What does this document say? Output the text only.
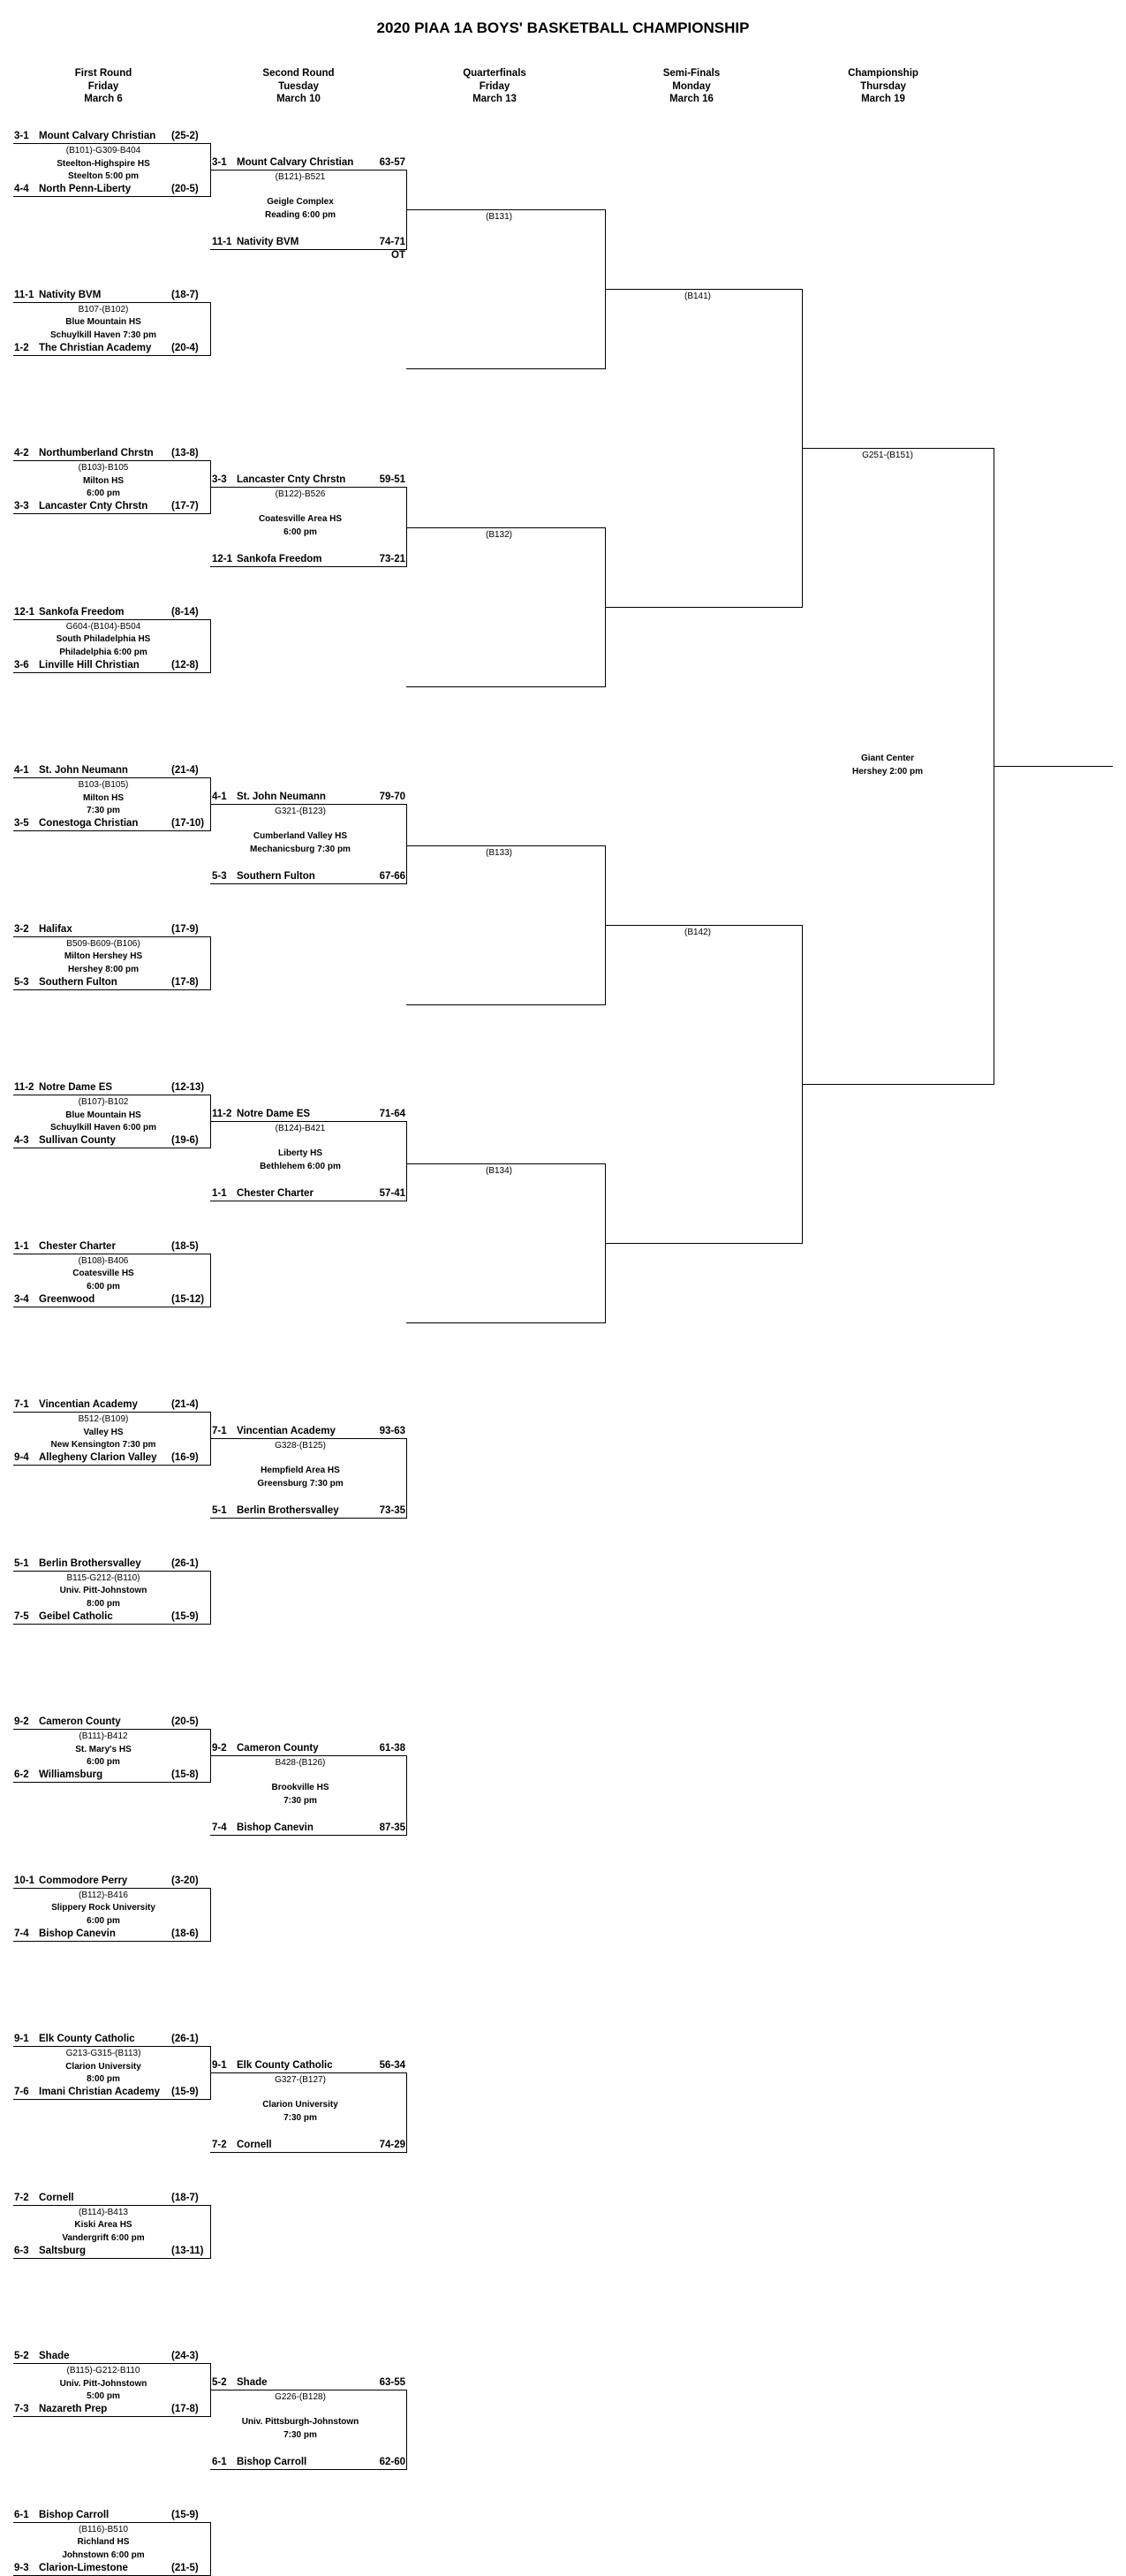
2020 PIAA 1A BOYS' BASKETBALL CHAMPIONSHIP
First Round
Friday
March 6
Second Round
Tuesday
March 10
Quarterfinals
Friday
March 13
Semi-Finals
Monday
March 16
Championship
Thursday
March 19
3-1 Mount Calvary Christian (25-2)
4-4 North Penn-Liberty	(20-5)
(B101)-G309-B404
Steelton-Highspire HS
Steelton 5:00 pm
11-1 Nativity BVM	(18-7)
1-2 The Christian Academy (20-4)
B107-(B102)
Blue Mountain HS
Schuylkill Haven 7:30 pm
4-2 Northumberland Chrstn (13-8)
3-3 Lancaster Cnty Chrstn (17-7)
(B103)-B105
Milton HS
6:00 pm
12-1 Sankofa Freedom	(8-14)
3-6 Linville Hill Christian	(12-8)
G604-(B104)-B504
South Philadelphia HS
Philadelphia 6:00 pm
4-1 St. John Neumann	(21-4)
3-5 Conestoga Christian	(17-10)
B103-(B105)
Milton HS
7:30 pm
3-2 Halifax	(17-9)
5-3 Southern Fulton	(17-8)
B509-B609-(B106)
Milton Hershey HS
Hershey 8:00 pm
11-2 Notre Dame ES	(12-13)
4-3 Sullivan County	(19-6)
(B107)-B102
Blue Mountain HS
Schuylkill Haven 6:00 pm
1-1 Chester Charter	(18-5)
3-4 Greenwood	(15-12)
(B108)-B406
Coatesville HS
6:00 pm
7-1 Vincentian Academy	(21-4)
9-4 Allegheny Clarion Valley (16-9)
B512-(B109)
Valley HS
New Kensington 7:30 pm
5-1 Berlin Brothersvalley	(26-1)
7-5 Geibel Catholic	(15-9)
B115-G212-(B110)
Univ. Pitt-Johnstown
8:00 pm
9-2 Cameron County	(20-5)
6-2 Williamsburg	(15-8)
(B111)-B412
St. Mary's HS
6:00 pm
10-1 Commodore Perry	(3-20)
7-4 Bishop Canevin	(18-6)
(B112)-B416
Slippery Rock University
6:00 pm
9-1 Elk County Catholic	(26-1)
7-6 Imani Christian Academy (15-9)
G213-G315-(B113)
Clarion University
8:00 pm
7-2 Cornell	(18-7)
6-3 Saltsburg	(13-11)
(B114)-B413
Kiski Area HS
Vandergrift 6:00 pm
5-2 Shade	(24-3)
7-3 Nazareth Prep	(17-8)
(B115)-G212-B110
Univ. Pitt-Johnstown
5:00 pm
6-1 Bishop Carroll	(15-9)
9-3 Clarion-Limestone	(21-5)
(B116)-B510
Richland HS
Johnstown 6:00 pm
3-1 Mount Calvary Christian	63-57
11-1 Nativity BVM	74-71
OT
(B121)-B521
Geigle Complex
Reading 6:00 pm
3-3 Lancaster Cnty Chrstn	59-51
12-1 Sankofa Freedom	73-21
(B122)-B526
Coatesville Area HS
6:00 pm
4-1 St. John Neumann	79-70
5-3 Southern Fulton	67-66
G321-(B123)
Cumberland Valley HS
Mechanicsburg 7:30 pm
11-2 Notre Dame ES	71-64
1-1 Chester Charter	57-41
(B124)-B421
Liberty HS
Bethlehem 6:00 pm
7-1 Vincentian Academy	93-63
5-1 Berlin Brothersvalley	73-35
G328-(B125)
Hempfield Area HS
Greensburg 7:30 pm
9-2 Cameron County	61-38
7-4 Bishop Canevin	87-35
B428-(B126)
Brookville HS
7:30 pm
9-1 Elk County Catholic	56-34
7-2 Cornell	74-29
G327-(B127)
Clarion University
7:30 pm
5-2 Shade	63-55
6-1 Bishop Carroll	62-60
G226-(B128)
Univ. Pittsburgh-Johnstown
7:30 pm
(B131)
(B132)
(B133)
(B134)
(B141)
(B142)
G251-(B151)
Giant Center
Hershey 2:00 pm
